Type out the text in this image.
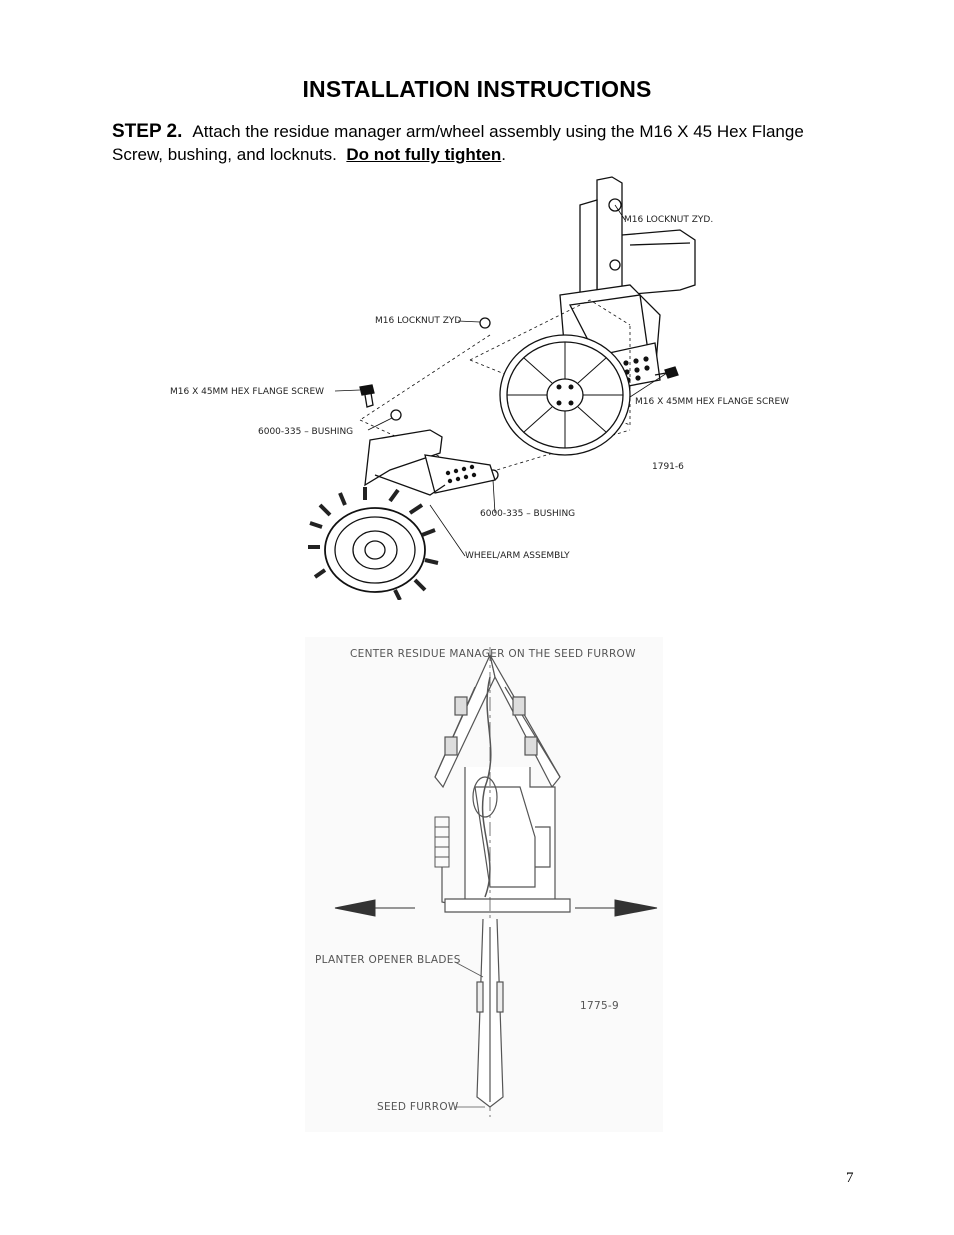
INSTALLATION INSTRUCTIONS
STEP 2. Attach the residue manager arm/wheel assembly using the M16 X 45 Hex Flange Screw, bushing, and locknuts. Do not fully tighten.
M16 LOCKNUT ZYD.
M16 LOCKNUT ZYD
M16 X 45MM HEX FLANGE SCREW
M16 X 45MM HEX FLANGE SCREW
6000-335 – BUSHING
6000-335 – BUSHING
WHEEL/ARM ASSEMBLY
1791-6
CENTER RESIDUE MANAGER ON THE SEED FURROW
PLANTER OPENER BLADES
1775-9
SEED FURROW
7
